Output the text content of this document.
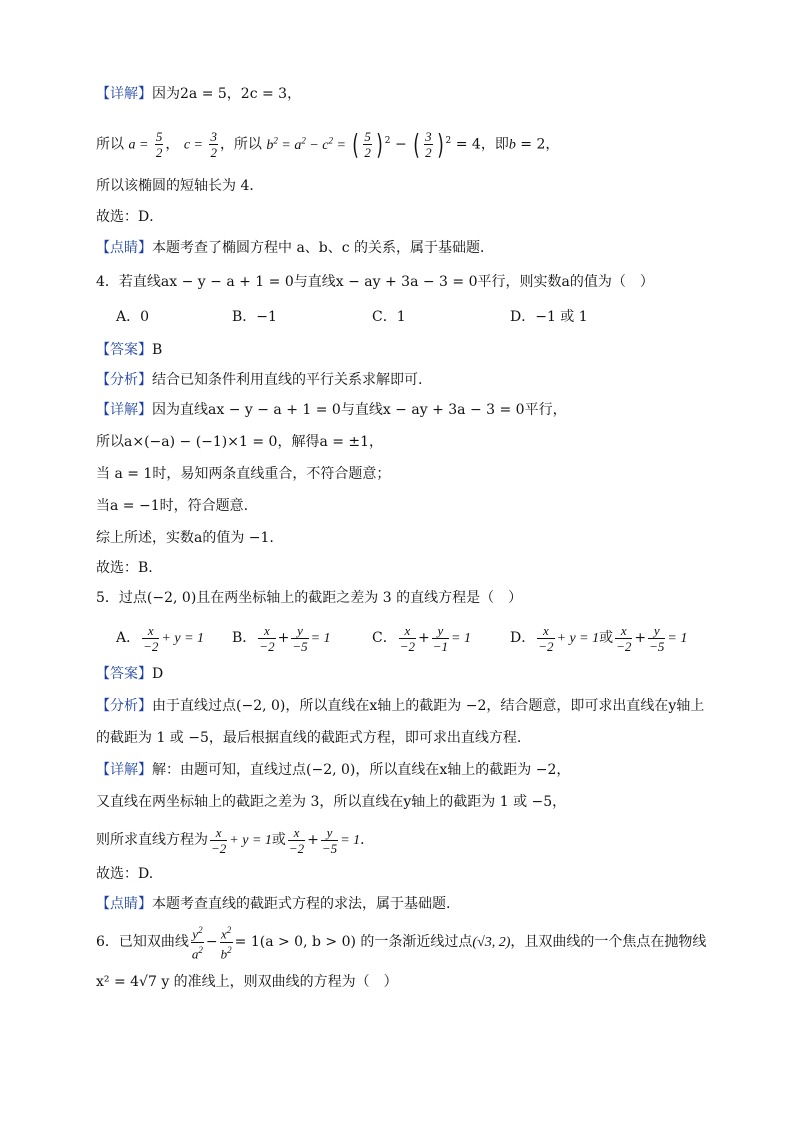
【详解】因为2a = 5，2c = 3，
所以 $a = \frac{5}{2}$ ， $c = \frac{3}{2}$ ，所以 $b^2 = a^2 - c^2$ = ( $\frac{5}{2}$ ) $^2$ − ( $\frac{3}{2}$ ) $^2$ = 4，即b = 2，
所以该椭圆的短轴长为 4．
故选：D．
【点睛】本题考查了椭圆方程中 a、b、c 的关系，属于基础题．
4．若直线ax − y − a + 1 = 0与直线x − ay + 3a − 3 = 0平行，则实数a的值为（　）
A．0	B．−1	C．1	D．−1 或 1
【答案】B
【分析】结合已知条件利用直线的平行关系求解即可.
【详解】因为直线ax − y − a + 1 = 0与直线x − ay + 3a − 3 = 0平行，
所以a×(−a) − (−1)×1 = 0，解得a = ±1，
当 a = 1时，易知两条直线重合，不符合题意；
当a = −1时，符合题意.
综上所述，实数a的值为 −1.
故选：B.
5．过点(−2, 0)且在两坐标轴上的截距之差为 3 的直线方程是（　）
A． $\frac{x}{-2} + y = 1$ B． $\frac{x}{-2} + \frac{y}{-5} = 1$	C． $\frac{x}{-2} + \frac{y}{-1} = 1$	D． $\frac{x}{-2} + y = 1$或 $\frac{x}{-2} + \frac{y}{-5} = 1$
【答案】D
【分析】由于直线过点(−2, 0)，所以直线在x轴上的截距为 −2，结合题意，即可求出直线在y轴上
的截距为 1 或 −5，最后根据直线的截距式方程，即可求出直线方程.
【详解】解：由题可知，直线过点(−2, 0)，所以直线在x轴上的截距为 −2，
又直线在两坐标轴上的截距之差为 3，所以直线在y轴上的截距为 1 或 −5，
则所求直线方程为 $\frac{x}{-2} + y = 1$或 $\frac{x}{-2} + \frac{y}{-5} = 1$．
故选：D.
【点睛】本题考查直线的截距式方程的求法，属于基础题.
6．已知双曲线 $\frac{y^2}{a^2} - \frac{x^2}{b^2} = 1(a > 0$, b > 0) 的一条渐近线过点(√3, 2)，且双曲线的一个焦点在抛物线
x² = 4√7 y 的准线上，则双曲线的方程为（　）
